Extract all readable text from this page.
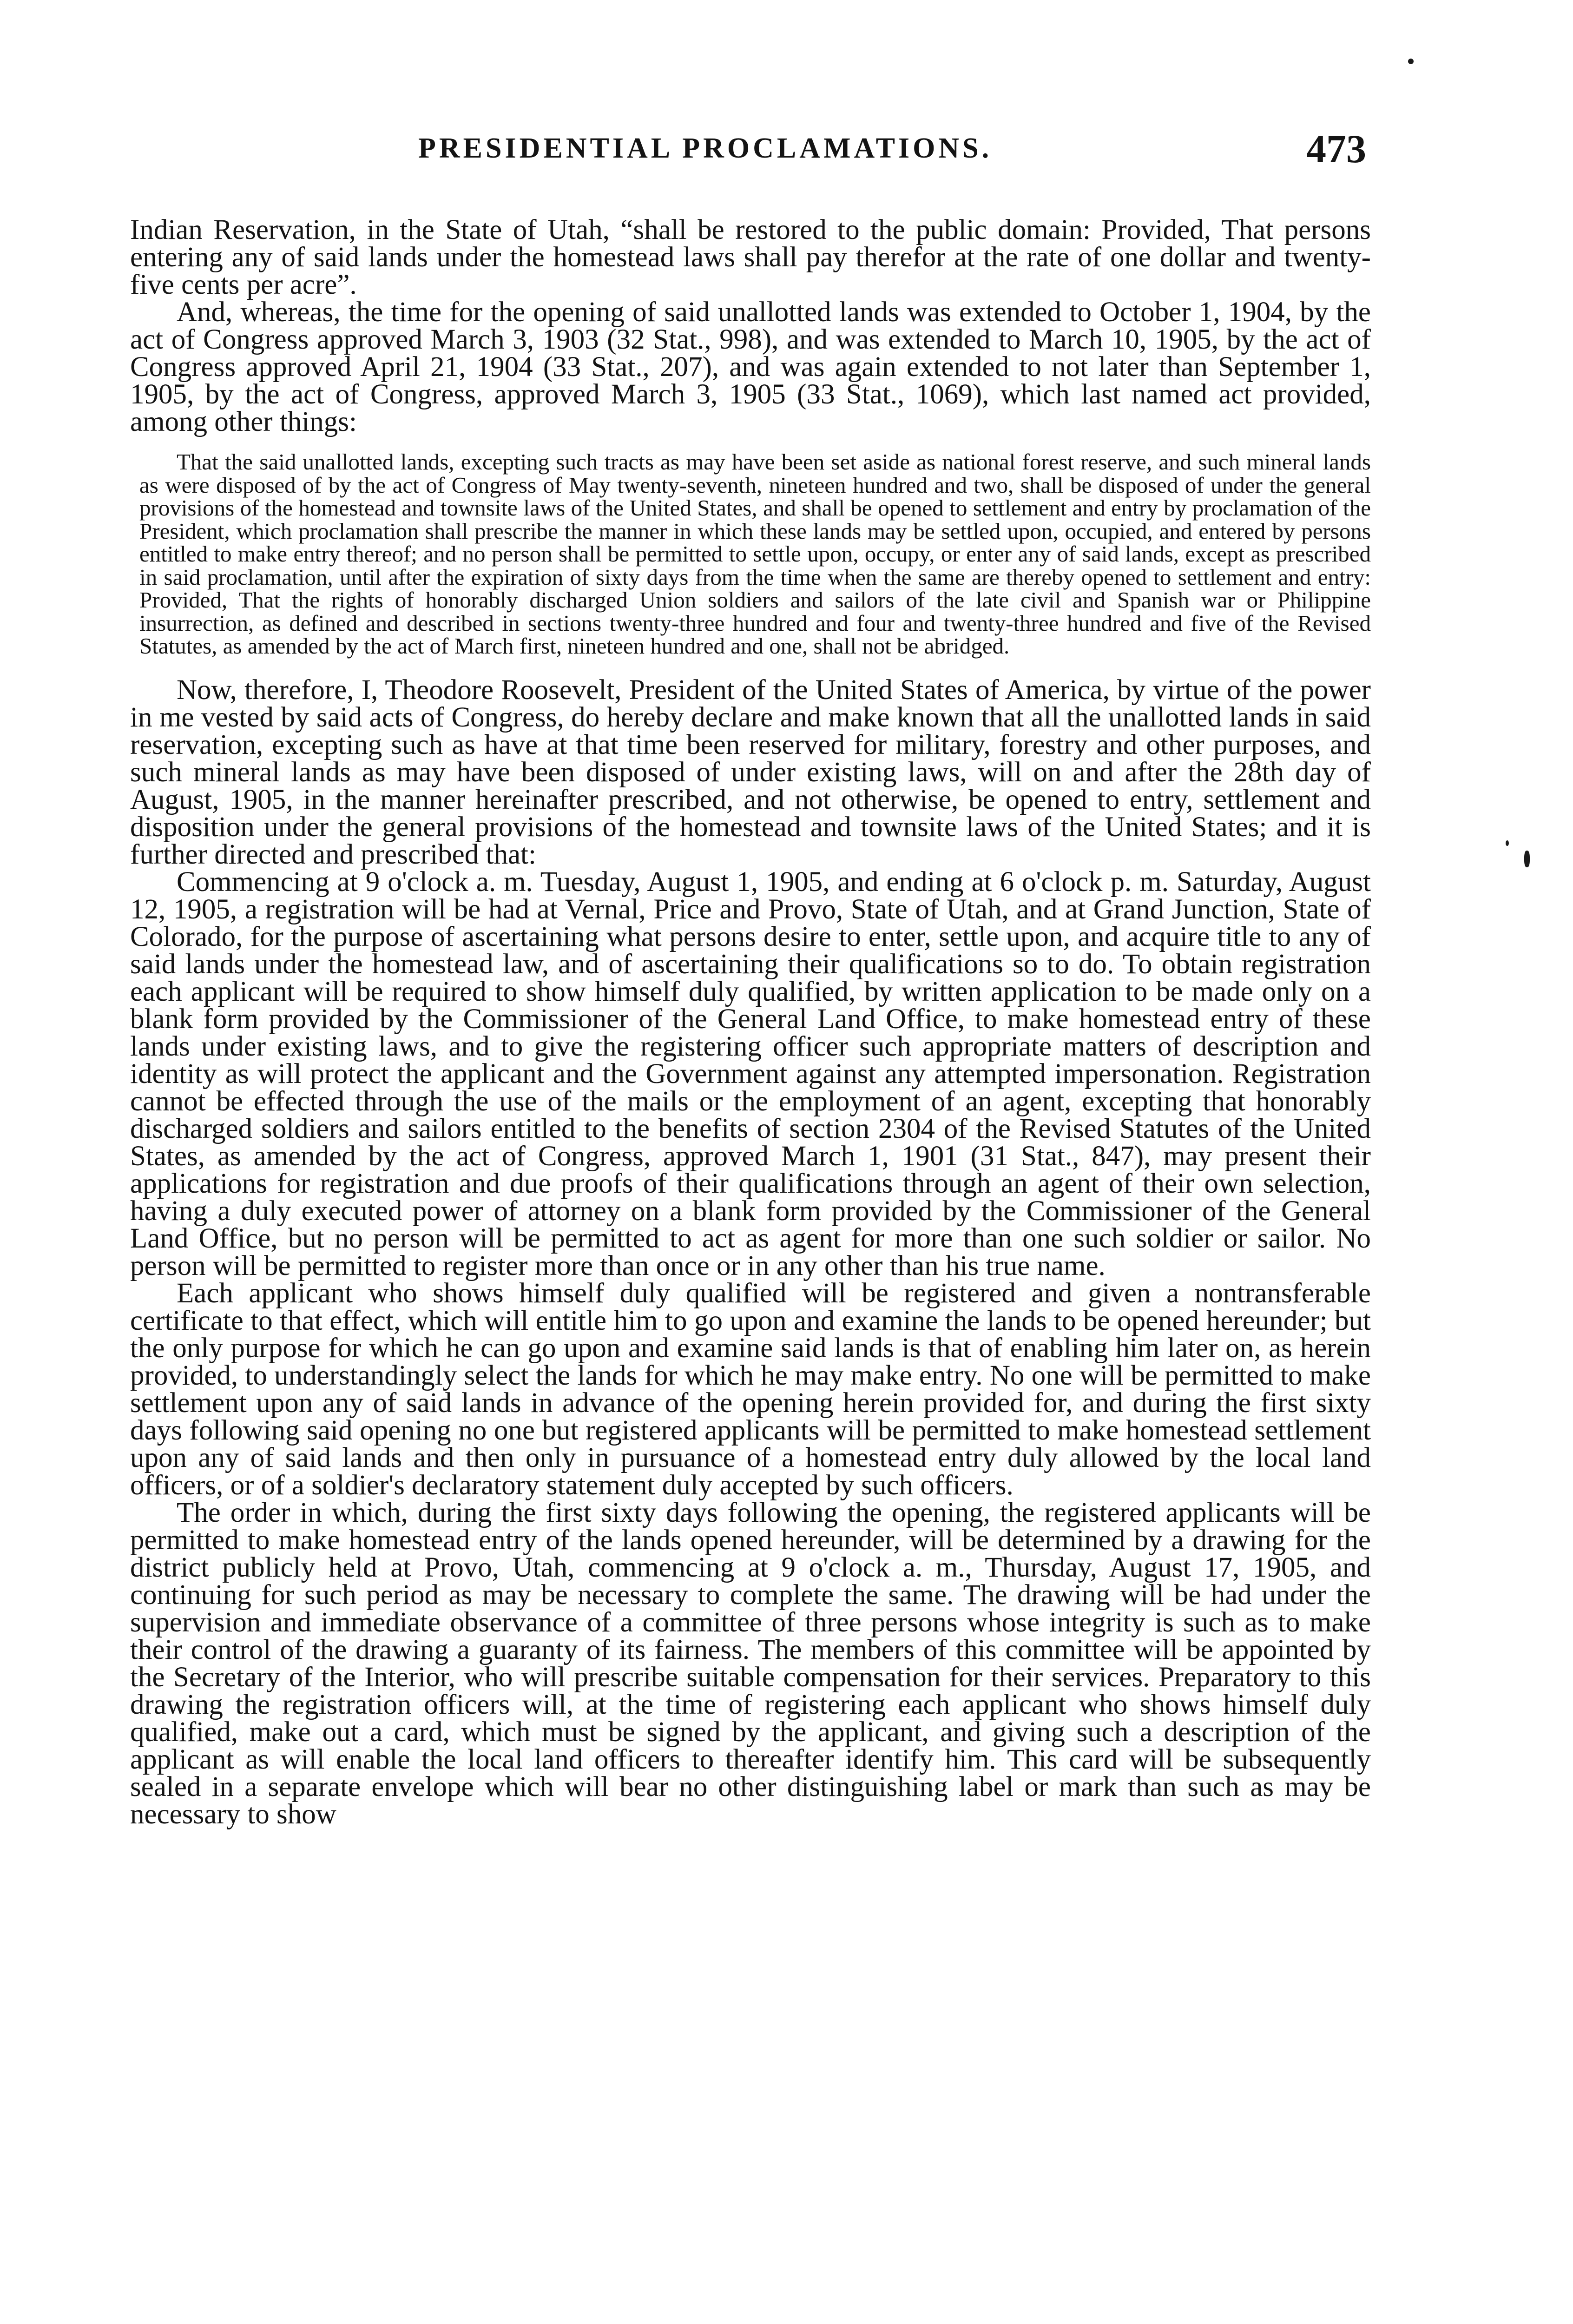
PRESIDENTIAL PROCLAMATIONS.	473

Indian Reservation, in the State of Utah, “shall be restored to the public domain: Provided, That persons entering any of said lands under the homestead laws shall pay therefor at the rate of one dollar and twenty-five cents per acre”.

And, whereas, the time for the opening of said unallotted lands was extended to October 1, 1904, by the act of Congress approved March 3, 1903 (32 Stat., 998), and was extended to March 10, 1905, by the act of Congress approved April 21, 1904 (33 Stat., 207), and was again extended to not later than September 1, 1905, by the act of Congress, approved March 3, 1905 (33 Stat., 1069), which last named act provided, among other things:

That the said unallotted lands, excepting such tracts as may have been set aside as national forest reserve, and such mineral lands as were disposed of by the act of Congress of May twenty-seventh, nineteen hundred and two, shall be disposed of under the general provisions of the homestead and townsite laws of the United States, and shall be opened to settlement and entry by proclamation of the President, which proclamation shall prescribe the manner in which these lands may be settled upon, occupied, and entered by persons entitled to make entry thereof; and no person shall be permitted to settle upon, occupy, or enter any of said lands, except as prescribed in said proclamation, until after the expiration of sixty days from the time when the same are thereby opened to settlement and entry: Provided, That the rights of honorably discharged Union soldiers and sailors of the late civil and Spanish war or Philippine insurrection, as defined and described in sections twenty-three hundred and four and twenty-three hundred and five of the Revised Statutes, as amended by the act of March first, nineteen hundred and one, shall not be abridged.

Now, therefore, I, Theodore Roosevelt, President of the United States of America, by virtue of the power in me vested by said acts of Congress, do hereby declare and make known that all the unallotted lands in said reservation, excepting such as have at that time been reserved for military, forestry and other purposes, and such mineral lands as may have been disposed of under existing laws, will on and after the 28th day of August, 1905, in the manner hereinafter prescribed, and not otherwise, be opened to entry, settlement and disposition under the general provisions of the homestead and townsite laws of the United States; and it is further directed and prescribed that:

Commencing at 9 o'clock a. m. Tuesday, August 1, 1905, and ending at 6 o'clock p. m. Saturday, August 12, 1905, a registration will be had at Vernal, Price and Provo, State of Utah, and at Grand Junction, State of Colorado, for the purpose of ascertaining what persons desire to enter, settle upon, and acquire title to any of said lands under the homestead law, and of ascertaining their qualifications so to do. To obtain registration each applicant will be required to show himself duly qualified, by written application to be made only on a blank form provided by the Commissioner of the General Land Office, to make homestead entry of these lands under existing laws, and to give the registering officer such appropriate matters of description and identity as will protect the applicant and the Government against any attempted impersonation. Registration cannot be effected through the use of the mails or the employment of an agent, excepting that honorably discharged soldiers and sailors entitled to the benefits of section 2304 of the Revised Statutes of the United States, as amended by the act of Congress, approved March 1, 1901 (31 Stat., 847), may present their applications for registration and due proofs of their qualifications through an agent of their own selection, having a duly executed power of attorney on a blank form provided by the Commissioner of the General Land Office, but no person will be permitted to act as agent for more than one such soldier or sailor. No person will be permitted to register more than once or in any other than his true name.

Each applicant who shows himself duly qualified will be registered and given a nontransferable certificate to that effect, which will entitle him to go upon and examine the lands to be opened hereunder; but the only purpose for which he can go upon and examine said lands is that of enabling him later on, as herein provided, to understandingly select the lands for which he may make entry. No one will be permitted to make settlement upon any of said lands in advance of the opening herein provided for, and during the first sixty days following said opening no one but registered applicants will be permitted to make homestead settlement upon any of said lands and then only in pursuance of a homestead entry duly allowed by the local land officers, or of a soldier's declaratory statement duly accepted by such officers.

The order in which, during the first sixty days following the opening, the registered applicants will be permitted to make homestead entry of the lands opened hereunder, will be determined by a drawing for the district publicly held at Provo, Utah, commencing at 9 o'clock a. m., Thursday, August 17, 1905, and continuing for such period as may be necessary to complete the same. The drawing will be had under the supervision and immediate observance of a committee of three persons whose integrity is such as to make their control of the drawing a guaranty of its fairness. The members of this committee will be appointed by the Secretary of the Interior, who will prescribe suitable compensation for their services. Preparatory to this drawing the registration officers will, at the time of registering each applicant who shows himself duly qualified, make out a card, which must be signed by the applicant, and giving such a description of the applicant as will enable the local land officers to thereafter identify him. This card will be subsequently sealed in a separate envelope which will bear no other distinguishing label or mark than such as may be necessary to show
